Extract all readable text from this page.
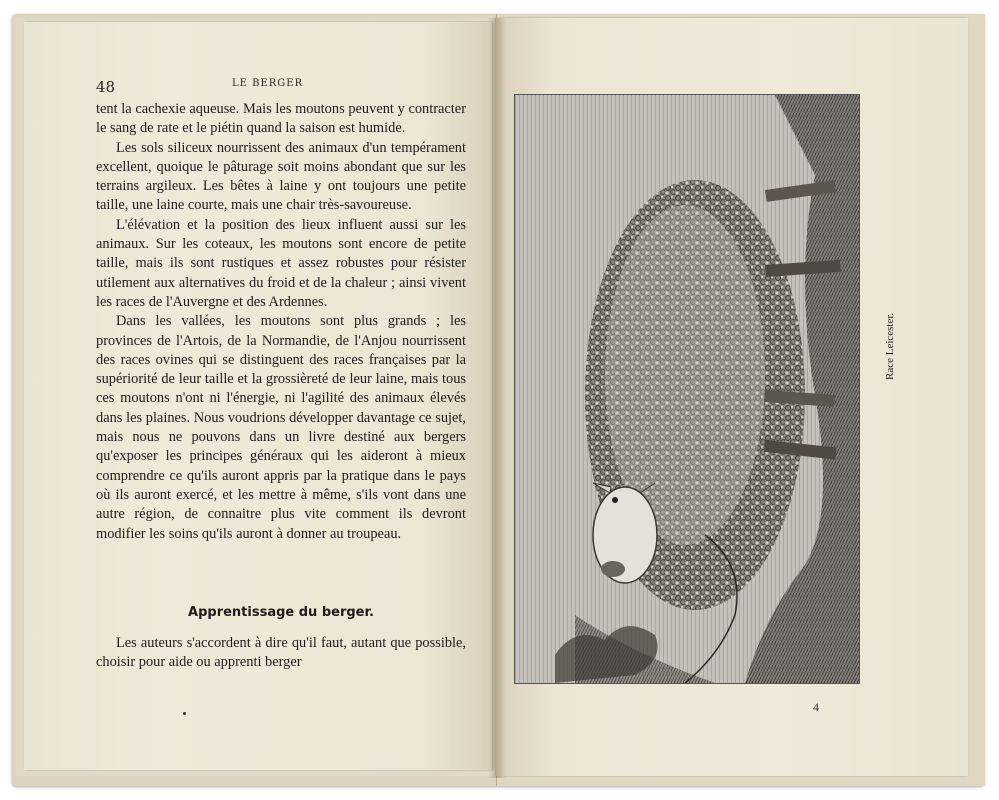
48	LE BERGER

tent la cachexie aqueuse. Mais les moutons peuvent y contracter le sang de rate et le piétin quand la saison est humide.

Les sols siliceux nourrissent des animaux d'un tempérament excellent, quoique le pâturage soit moins abondant que sur les terrains argileux. Les bêtes à laine y ont toujours une petite taille, une laine courte, mais une chair très-savoureuse.

L'élévation et la position des lieux influent aussi sur les animaux. Sur les coteaux, les moutons sont encore de petite taille, mais ils sont rustiques et assez robustes pour résister utilement aux alternatives du froid et de la chaleur ; ainsi vivent les races de l'Auvergne et des Ardennes.

Dans les vallées, les moutons sont plus grands ; les provinces de l'Artois, de la Normandie, de l'Anjou nourrissent des races ovines qui se distinguent des races françaises par la supériorité de leur taille et la grossièreté de leur laine, mais tous ces moutons n'ont ni l'énergie, ni l'agilité des animaux élevés dans les plaines. Nous voudrions développer davantage ce sujet, mais nous ne pouvons dans un livre destiné aux bergers qu'exposer les principes généraux qui les aideront à mieux comprendre ce qu'ils auront appris par la pratique dans le pays où ils auront exercé, et les mettre à même, s'ils vont dans une autre région, de connaitre plus vite comment ils devront modifier les soins qu'ils auront à donner au troupeau.

Apprentissage du berger.

Les auteurs s'accordent à dire qu'il faut, autant que possible, choisir pour aide ou apprenti berger

Race Leicester.
4
